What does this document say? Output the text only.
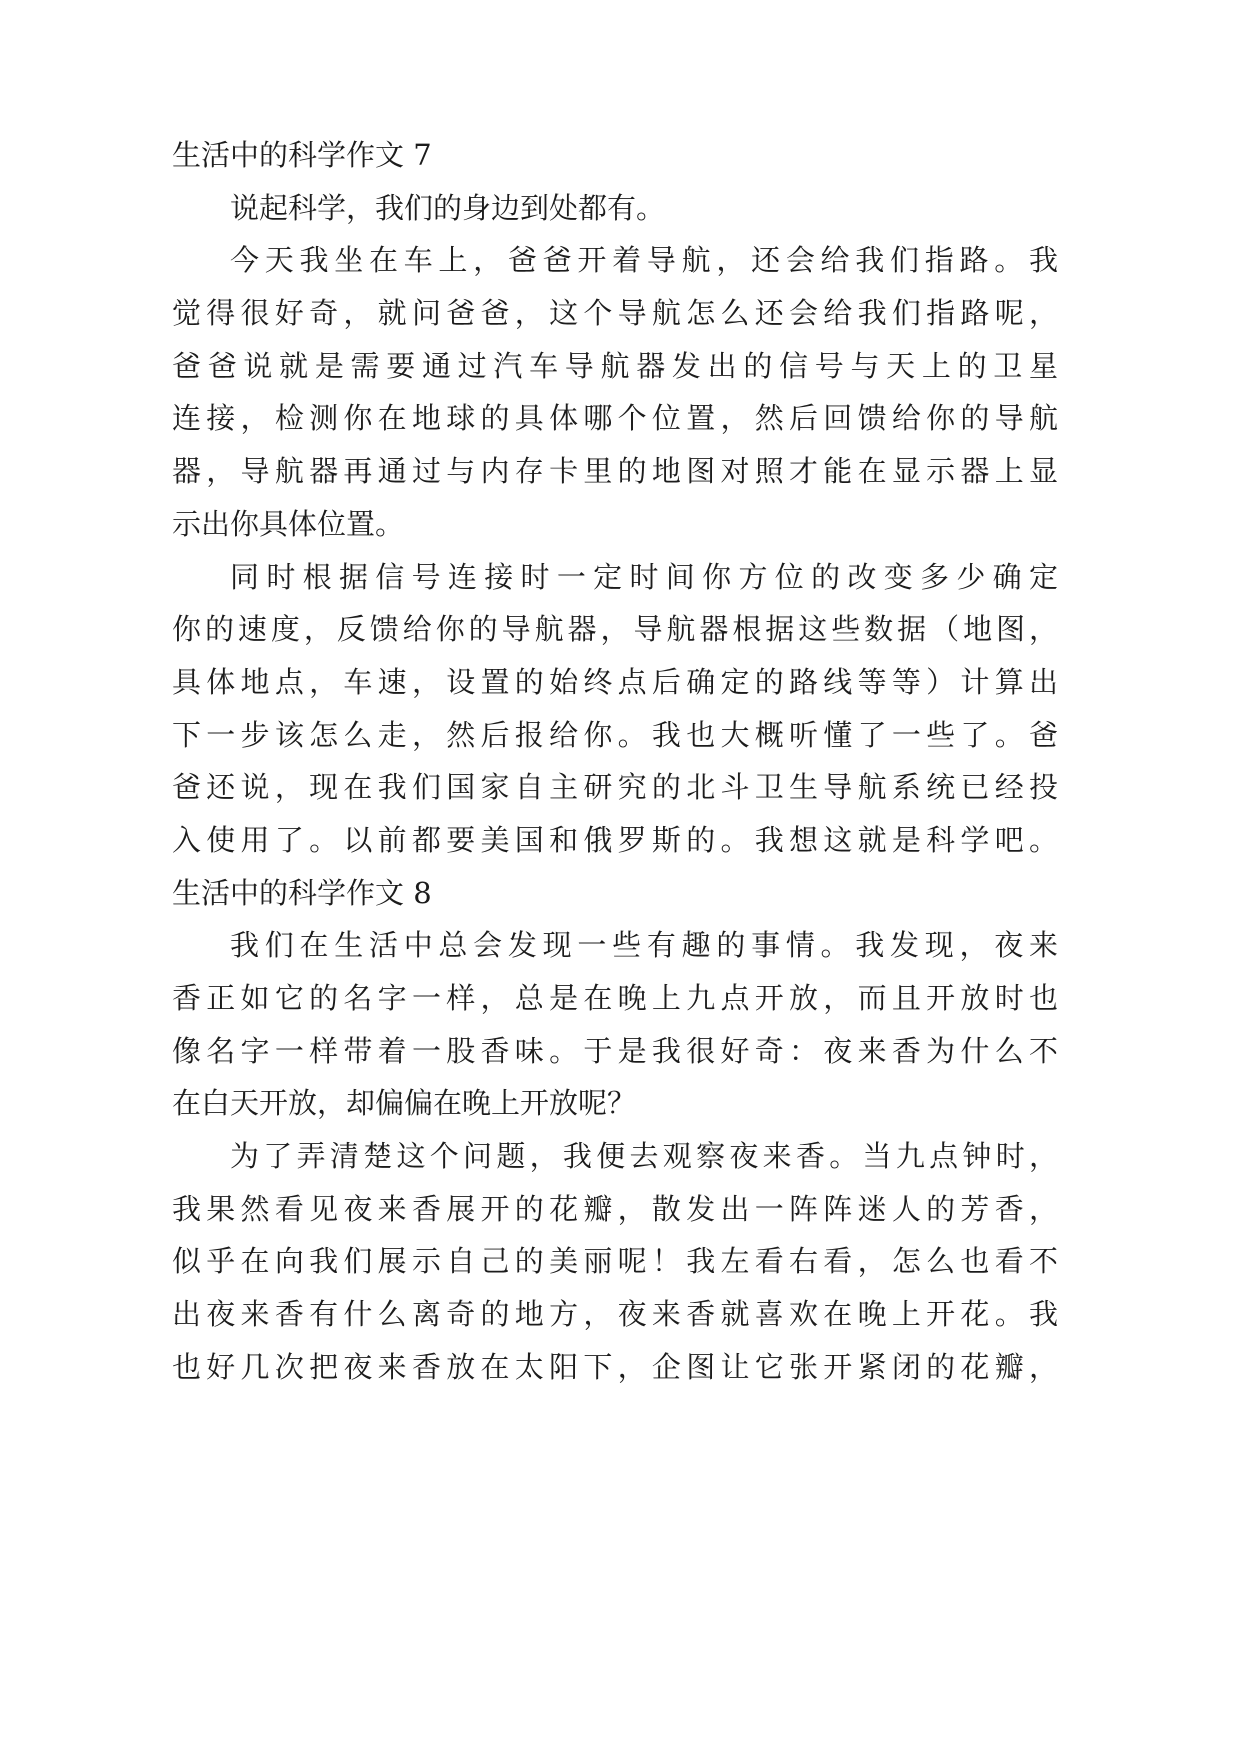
生活中的科学作文 7
说起科学，我们的身边到处都有。
今天我坐在车上，爸爸开着导航，还会给我们指路。我
觉得很好奇，就问爸爸，这个导航怎么还会给我们指路呢，
爸爸说就是需要通过汽车导航器发出的信号与天上的卫星
连接，检测你在地球的具体哪个位置，然后回馈给你的导航
器，导航器再通过与内存卡里的地图对照才能在显示器上显
示出你具体位置。
同时根据信号连接时一定时间你方位的改变多少确定
你的速度，反馈给你的导航器，导航器根据这些数据（地图，
具体地点，车速，设置的始终点后确定的路线等等）计算出
下一步该怎么走，然后报给你。我也大概听懂了一些了。爸
爸还说，现在我们国家自主研究的北斗卫生导航系统已经投
入使用了。以前都要美国和俄罗斯的。我想这就是科学吧。
生活中的科学作文 8
我们在生活中总会发现一些有趣的事情。我发现，夜来
香正如它的名字一样，总是在晚上九点开放，而且开放时也
像名字一样带着一股香味。于是我很好奇：夜来香为什么不
在白天开放，却偏偏在晚上开放呢？
为了弄清楚这个问题，我便去观察夜来香。当九点钟时，
我果然看见夜来香展开的花瓣，散发出一阵阵迷人的芳香，
似乎在向我们展示自己的美丽呢！我左看右看，怎么也看不
出夜来香有什么离奇的地方，夜来香就喜欢在晚上开花。我
也好几次把夜来香放在太阳下，企图让它张开紧闭的花瓣，
